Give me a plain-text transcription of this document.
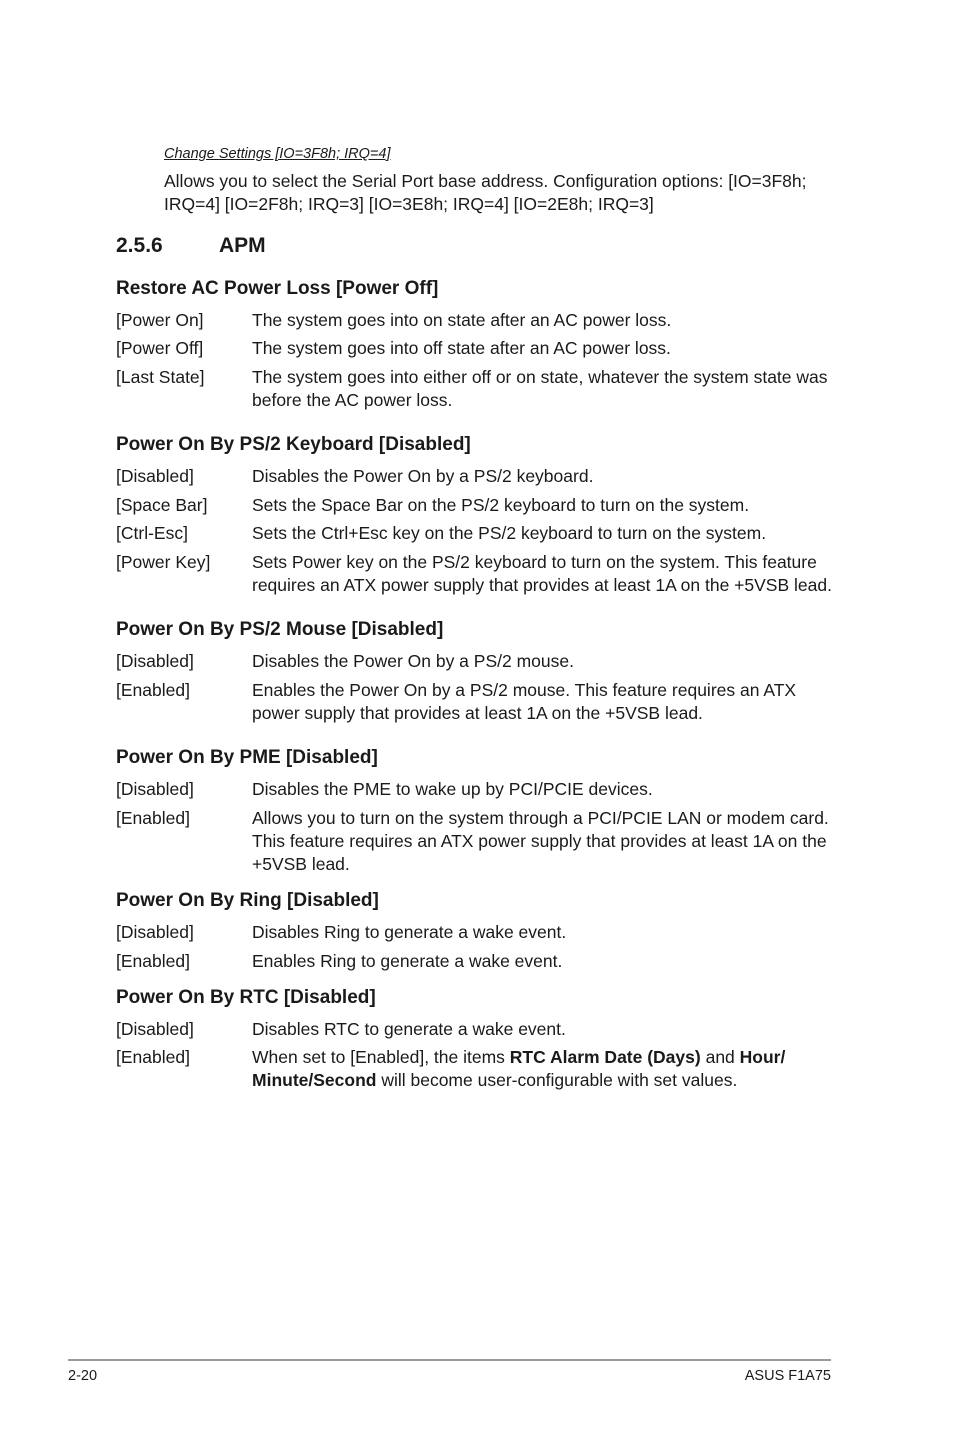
Change Settings [IO=3F8h; IRQ=4]
Allows you to select the Serial Port base address. Configuration options: [IO=3F8h; IRQ=4] [IO=2F8h; IRQ=3] [IO=3E8h; IRQ=4] [IO=2E8h; IRQ=3]
2.5.6	APM
Restore AC Power Loss [Power Off]
[Power On]	The system goes into on state after an AC power loss.
[Power Off]	The system goes into off state after an AC power loss.
[Last State]	The system goes into either off or on state, whatever the system state was before the AC power loss.
Power On By PS/2 Keyboard [Disabled]
[Disabled]	Disables the Power On by a PS/2 keyboard.
[Space Bar]	Sets the Space Bar on the PS/2 keyboard to turn on the system.
[Ctrl-Esc]	Sets the Ctrl+Esc key on the PS/2 keyboard to turn on the system.
[Power Key] Sets Power key on the PS/2 keyboard to turn on the system. This feature requires an ATX power supply that provides at least 1A on the +5VSB lead.
Power On By PS/2 Mouse [Disabled]
[Disabled]	Disables the Power On by a PS/2 mouse.
[Enabled]	Enables the Power On by a PS/2 mouse. This feature requires an ATX power supply that provides at least 1A on the +5VSB lead.
Power On By PME [Disabled]
[Disabled]	Disables the PME to wake up by PCI/PCIE devices.
[Enabled]	Allows you to turn on the system through a PCI/PCIE LAN or modem card. This feature requires an ATX power supply that provides at least 1A on the +5VSB lead.
Power On By Ring [Disabled]
[Disabled]	Disables Ring to generate a wake event.
[Enabled]	Enables Ring to generate a wake event.
Power On By RTC [Disabled]
[Disabled]	Disables RTC to generate a wake event.
[Enabled]	When set to [Enabled], the items RTC Alarm Date (Days) and Hour/ Minute/Second will become user-configurable with set values.
2-20	ASUS F1A75
